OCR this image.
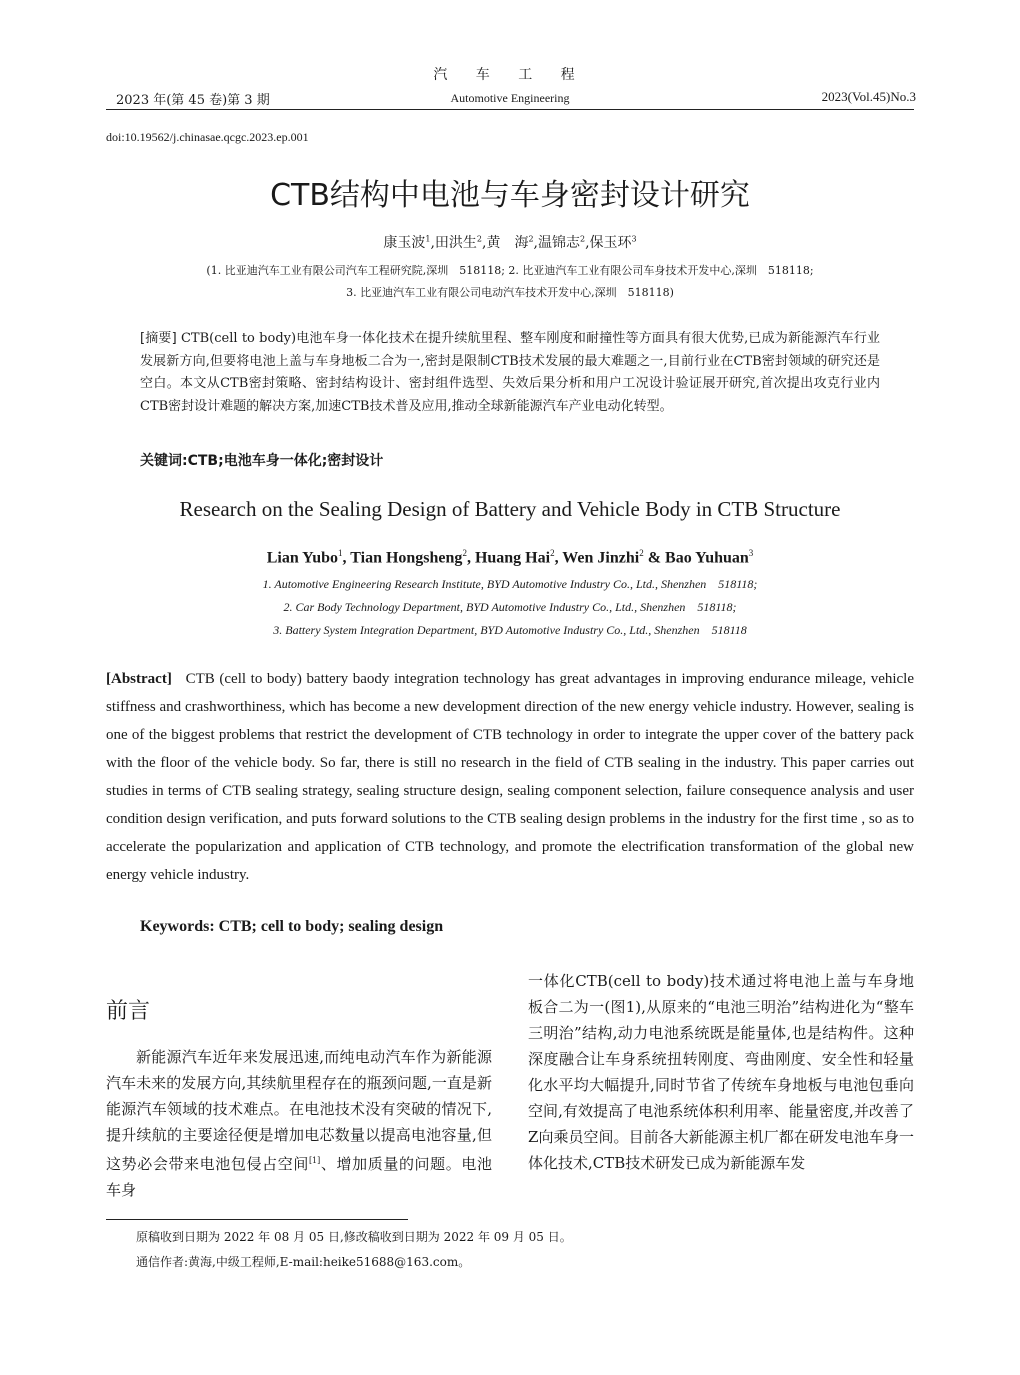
汽 车 工 程
2023 年(第 45 卷)第 3 期	Automotive Engineering	2023(Vol.45)No.3
doi:10.19562/j.chinasae.qcgc.2023.ep.001
CTB结构中电池与车身密封设计研究
康玉波$^1$,田洪生$^2$,黄　海$^2$,温锦志$^2$,保玉环$^3$
(1. 比亚迪汽车工业有限公司汽车工程研究院,深圳　518118; 2. 比亚迪汽车工业有限公司车身技术开发中心,深圳　518118;
3. 比亚迪汽车工业有限公司电动汽车技术开发中心,深圳　518118)
[摘要] CTB(cell to body)电池车身一体化技术在提升续航里程、整车刚度和耐撞性等方面具有很大优势,已成为新能源汽车行业发展新方向,但要将电池上盖与车身地板二合为一,密封是限制CTB技术发展的最大难题之一,目前行业在CTB密封领域的研究还是空白。本文从CTB密封策略、密封结构设计、密封组件选型、失效后果分析和用户工况设计验证展开研究,首次提出攻克行业内CTB密封设计难题的解决方案,加速CTB技术普及应用,推动全球新能源汽车产业电动化转型。
关键词:CTB;电池车身一体化;密封设计
Research on the Sealing Design of Battery and Vehicle Body in CTB Structure
Lian Yubo$^1$, Tian Hongsheng$^2$, Huang Hai$^2$, Wen Jinzhi$^2$ & Bao Yuhuan$^3$
1. Automotive Engineering Research Institute, BYD Automotive Industry Co., Ltd., Shenzhen　518118;
2. Car Body Technology Department, BYD Automotive Industry Co., Ltd., Shenzhen　518118;
3. Battery System Integration Department, BYD Automotive Industry Co., Ltd., Shenzhen　518118
[Abstract] CTB (cell to body) battery baody integration technology has great advantages in improving endurance mileage, vehicle stiffness and crashworthiness, which has become a new development direction of the new energy vehicle industry. However, sealing is one of the biggest problems that restrict the development of CTB technology in order to integrate the upper cover of the battery pack with the floor of the vehicle body. So far, there is still no research in the field of CTB sealing in the industry. This paper carries out studies in terms of CTB sealing strategy, sealing structure design, sealing component selection, failure consequence analysis and user condition design verification, and puts forward solutions to the CTB sealing design problems in the industry for the first time , so as to accelerate the popularization and application of CTB technology, and promote the electrification transformation of the global new energy vehicle industry.
Keywords: CTB; cell to body; sealing design
前言
新能源汽车近年来发展迅速,而纯电动汽车作为新能源汽车未来的发展方向,其续航里程存在的瓶颈问题,一直是新能源汽车领域的技术难点。在电池技术没有突破的情况下,提升续航的主要途径便是增加电芯数量以提高电池容量,但这势必会带来电池包侵占空间[1]、增加质量的问题。电池车身
一体化CTB(cell to body)技术通过将电池上盖与车身地板合二为一(图1),从原来的“电池三明治”结构进化为“整车三明治”结构,动力电池系统既是能量体,也是结构件。这种深度融合让车身系统扭转刚度、弯曲刚度、安全性和轻量化水平均大幅提升,同时节省了传统车身地板与电池包垂向空间,有效提高了电池系统体积利用率、能量密度,并改善了Z向乘员空间。目前各大新能源主机厂都在研发电池车身一体化技术,CTB技术研发已成为新能源车发
原稿收到日期为 2022 年 08 月 05 日,修改稿收到日期为 2022 年 09 月 05 日。
通信作者:黄海,中级工程师,E-mail:heike51688@163.com。
